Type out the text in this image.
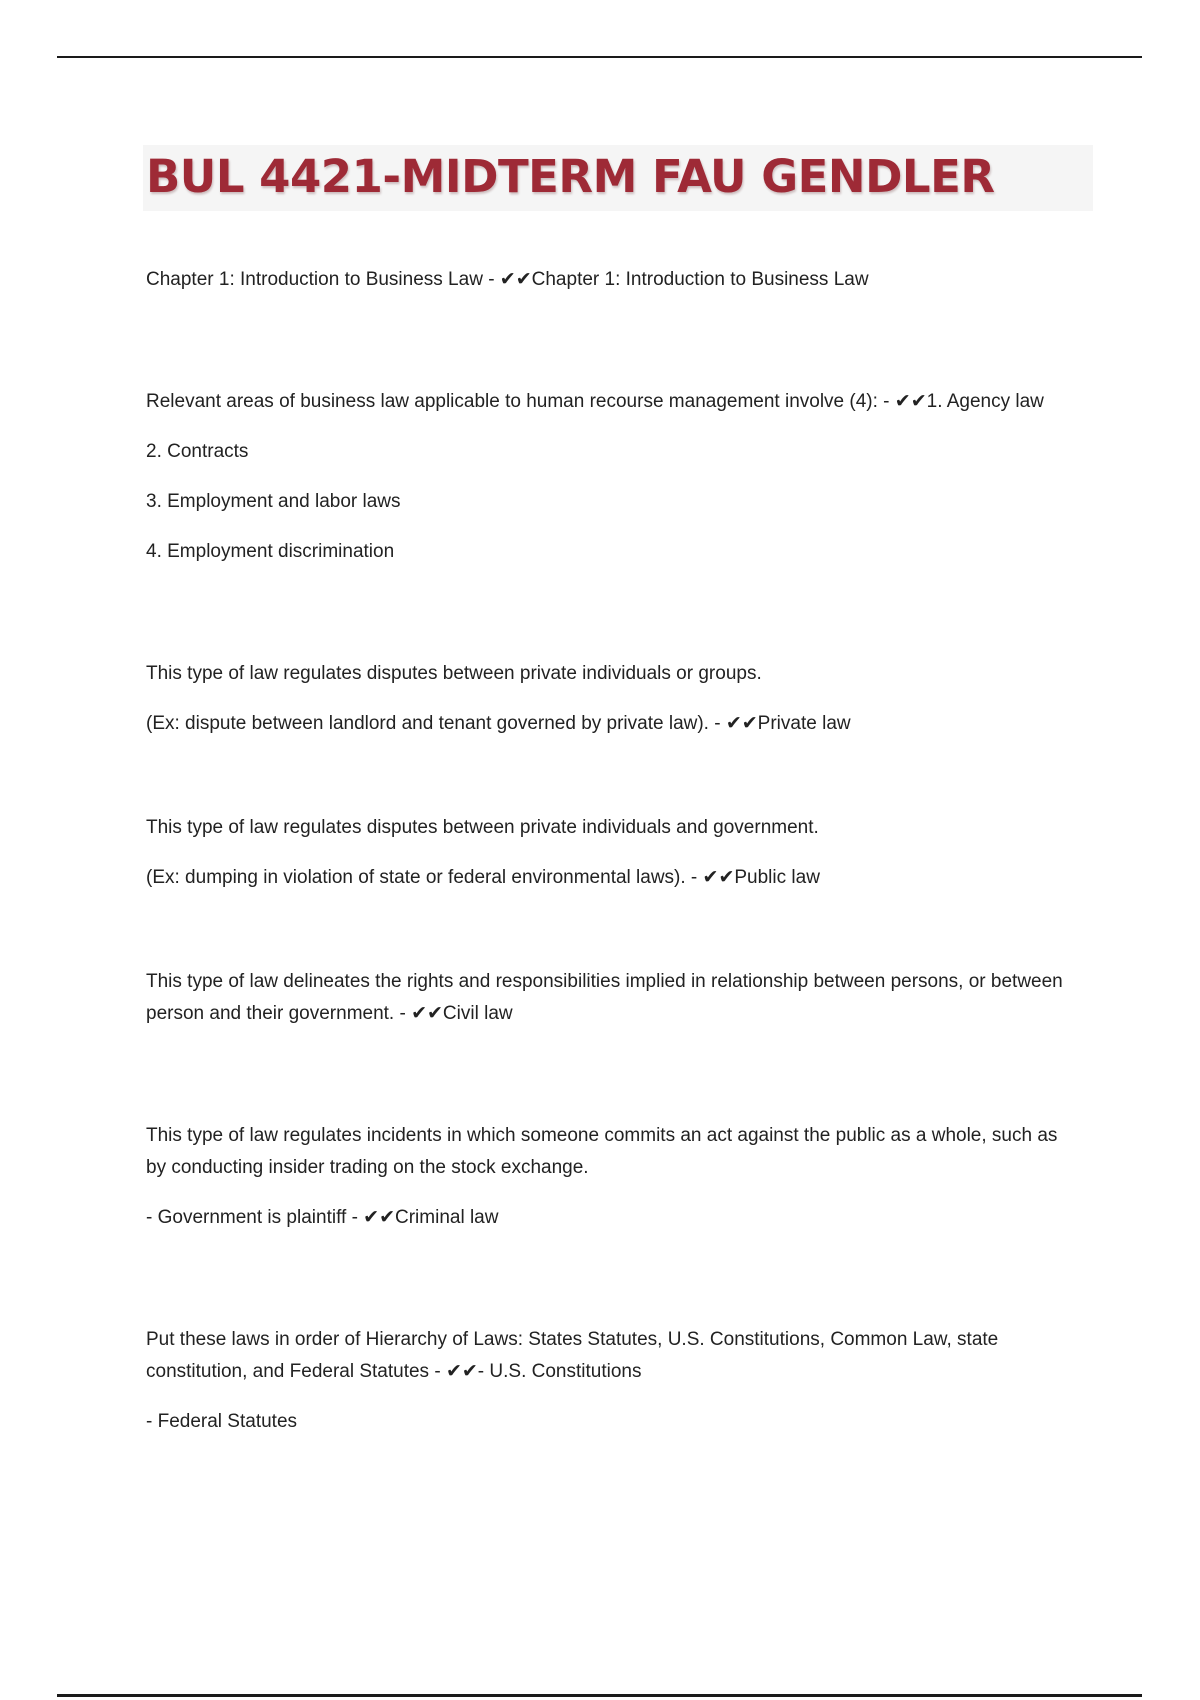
BUL 4421-MIDTERM FAU GENDLER

Chapter 1: Introduction to Business Law - ✔✔Chapter 1: Introduction to Business Law

Relevant areas of business law applicable to human recourse management involve (4): - ✔✔1. Agency law

2. Contracts

3. Employment and labor laws

4. Employment discrimination

This type of law regulates disputes between private individuals or groups.

(Ex: dispute between landlord and tenant governed by private law). - ✔✔Private law

This type of law regulates disputes between private individuals and government.

(Ex: dumping in violation of state or federal environmental laws). - ✔✔Public law

This type of law delineates the rights and responsibilities implied in relationship between persons, or between person and their government. - ✔✔Civil law

This type of law regulates incidents in which someone commits an act against the public as a whole, such as by conducting insider trading on the stock exchange.

- Government is plaintiff - ✔✔Criminal law

Put these laws in order of Hierarchy of Laws: States Statutes, U.S. Constitutions, Common Law, state constitution, and Federal Statutes - ✔✔- U.S. Constitutions

- Federal Statutes
